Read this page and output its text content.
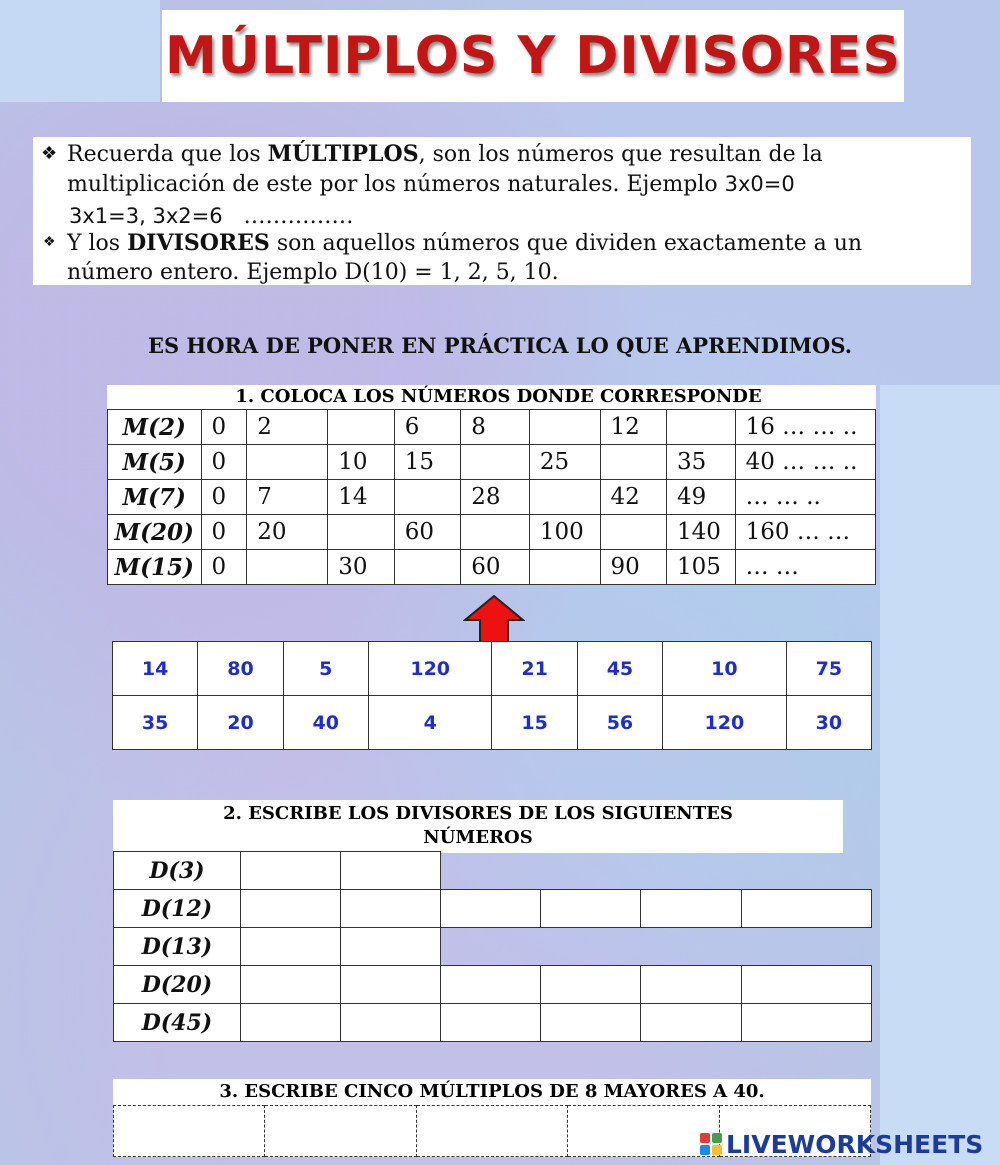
MÚLTIPLOS Y DIVISORES
❖ Recuerda que los MÚLTIPLOS, son los números que resultan de la

multiplicación de este por los números naturales. Ejemplo 3x0=0

3x1=3, 3x2=6 ……………

❖ Y los DIVISORES son aquellos números que dividen exactamente a un

número entero. Ejemplo D(10) = 1, 2, 5, 10.

ES HORA DE PONER EN PRÁCTICA LO QUE APRENDIMOS.
1. COLOCA LOS NÚMEROS DONDE CORRESPONDE
M(2)	0	2		6	8		12		16 … … ..
M(5)	0		10	15		25		35	40 … … ..
M(7)	0	7	14		28		42	49	… … ..
M(20)	0	20		60		100		140	160 … …
M(15)	0		30		60		90	105	… …
14	80	5	120	21	45	10	75
35	20	40	4	15	56	120	30
2. ESCRIBE LOS DIVISORES DE LOS SIGUIENTES
NÚMEROS
D(3)						
D(12)						
D(13)						
D(20)						
D(45)						
3. ESCRIBE CINCO MÚLTIPLOS DE 8 MAYORES A 40.

LIVEWORKSHEETS
